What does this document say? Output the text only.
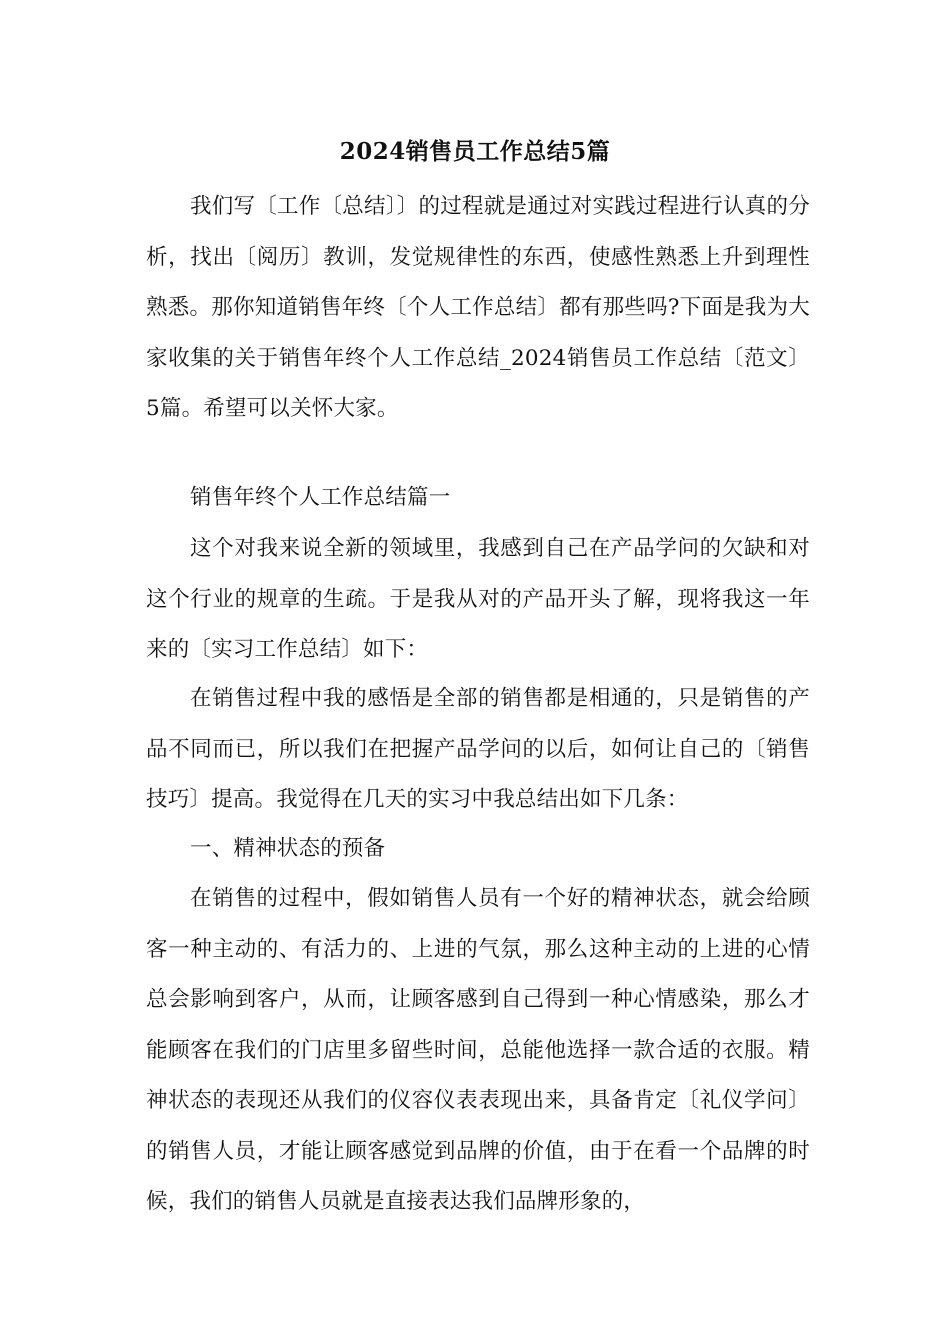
2024销售员工作总结5篇
我们写〔工作〔总结〕〕的过程就是通过对实践过程进行认真的分析，找出〔阅历〕教训，发觉规律性的东西，使感性熟悉上升到理性熟悉。那你知道销售年终〔个人工作总结〕都有那些吗?下面是我为大家收集的关于销售年终个人工作总结_2024销售员工作总结〔范文〕5篇。希望可以关怀大家。
销售年终个人工作总结篇一
这个对我来说全新的领域里，我感到自己在产品学问的欠缺和对这个行业的规章的生疏。于是我从对的产品开头了解，现将我这一年来的〔实习工作总结〕如下：
在销售过程中我的感悟是全部的销售都是相通的，只是销售的产品不同而已，所以我们在把握产品学问的以后，如何让自己的〔销售技巧〕提高。我觉得在几天的实习中我总结出如下几条：
一、精神状态的预备
在销售的过程中，假如销售人员有一个好的精神状态，就会给顾客一种主动的、有活力的、上进的气氛，那么这种主动的上进的心情总会影响到客户，从而，让顾客感到自己得到一种心情感染，那么才能顾客在我们的门店里多留些时间，总能他选择一款合适的衣服。精神状态的表现还从我们的仪容仪表表现出来，具备肯定〔礼仪学问〕的销售人员，才能让顾客感觉到品牌的价值，由于在看一个品牌的时候，我们的销售人员就是直接表达我们品牌形象的，
